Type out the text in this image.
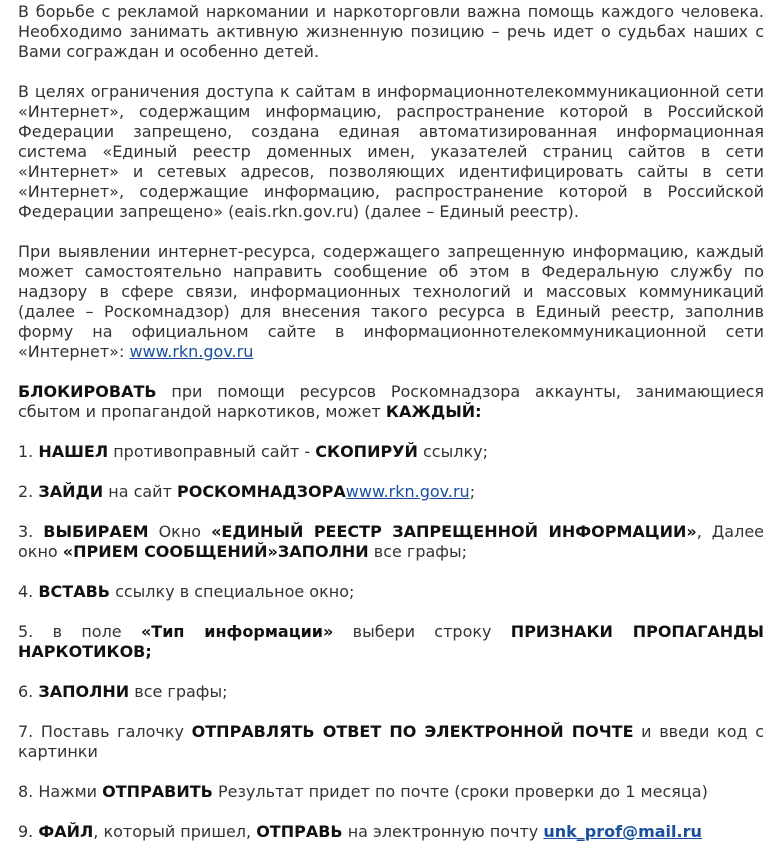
В борьбе с рекламой наркомании и наркоторговли важна помощь каждого человека. Необходимо занимать активную жизненную позицию – речь идет о судьбах наших с Вами сограждан и особенно детей.

В целях ограничения доступа к сайтам в информационнотелекоммуникационной сети «Интернет», содержащим информацию, распространение которой в Российской Федерации запрещено, создана единая автоматизированная информационная система «Единый реестр доменных имен, указателей страниц сайтов в сети «Интернет» и сетевых адресов, позволяющих идентифицировать сайты в сети «Интернет», содержащие информацию, распространение которой в Российской Федерации запрещено» (eais.rkn.gov.ru) (далее – Единый реестр).

При выявлении интернет-ресурса, содержащего запрещенную информацию, каждый может самостоятельно направить сообщение об этом в Федеральную службу по надзору в сфере связи, информационных технологий и массовых коммуникаций (далее – Роскомнадзор) для внесения такого ресурса в Единый реестр, заполнив форму на официальном сайте в информационнотелекоммуникационной сети «Интернет»: www.rkn.gov.ru

БЛОКИРОВАТЬ при помощи ресурсов Роскомнадзора аккаунты, занимающиеся сбытом и пропагандой наркотиков, может КАЖДЫЙ:

1. НАШЕЛ противоправный сайт - СКОПИРУЙ ссылку;

2. ЗАЙДИ на сайт РОСКОМНАДЗОРАwww.rkn.gov.ru;

3. ВЫБИРАЕМ Окно «ЕДИНЫЙ РЕЕСТР ЗАПРЕЩЕННОЙ ИНФОРМАЦИИ», Далее окно «ПРИЕМ СООБЩЕНИЙ»ЗАПОЛНИ все графы;

4. ВСТАВЬ ссылку в специальное окно;

5. в поле «Тип информации» выбери строку ПРИЗНАКИ ПРОПАГАНДЫ НАРКОТИКОВ;

6. ЗАПОЛНИ все графы;

7. Поставь галочку ОТПРАВЛЯТЬ ОТВЕТ ПО ЭЛЕКТРОННОЙ ПОЧТЕ и введи код с картинки

8. Нажми ОТПРАВИТЬ Результат придет по почте (сроки проверки до 1 месяца)

9. ФАЙЛ, который пришел, ОТПРАВЬ на электронную почту unk_prof@mail.ru
